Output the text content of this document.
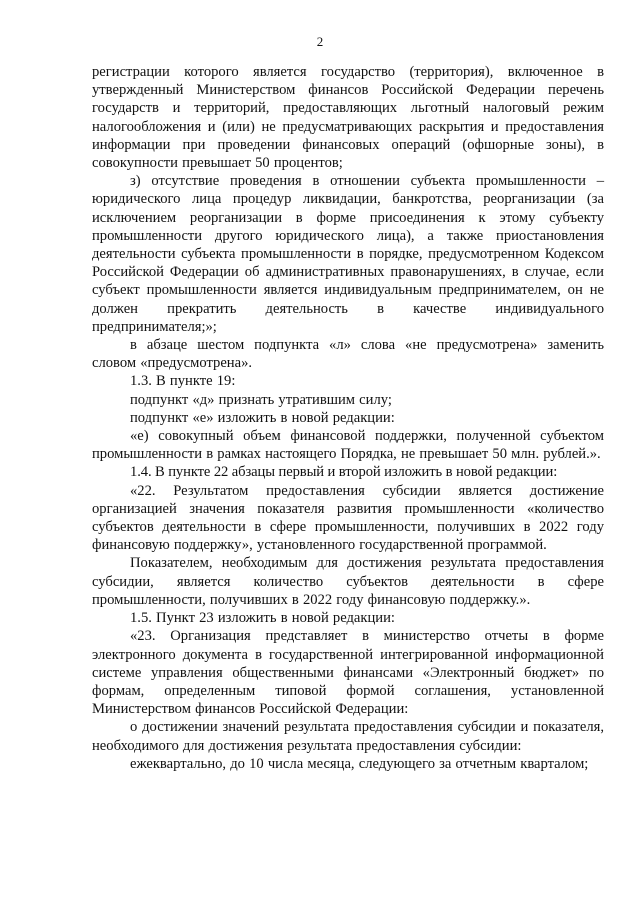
2

регистрации которого является государство (территория), включенное в утвержденный Министерством финансов Российской Федерации перечень государств и территорий, предоставляющих льготный налоговый режим налогообложения и (или) не предусматривающих раскрытия и предоставления информации при проведении финансовых операций (офшорные зоны), в совокупности превышает 50 процентов;

з) отсутствие проведения в отношении субъекта промышленности – юридического лица процедур ликвидации, банкротства, реорганизации (за исключением реорганизации в форме присоединения к этому субъекту промышленности другого юридического лица), а также приостановления деятельности субъекта промышленности в порядке, предусмотренном Кодексом Российской Федерации об административных правонарушениях, в случае, если субъект промышленности является индивидуальным предпринимателем, он не должен прекратить деятельность в качестве индивидуального предпринимателя;»;

в абзаце шестом подпункта «л» слова «не предусмотрена» заменить словом «предусмотрена».

1.3. В пункте 19:

подпункт «д» признать утратившим силу;

подпункт «е» изложить в новой редакции:

«е) совокупный объем финансовой поддержки, полученной субъектом промышленности в рамках настоящего Порядка, не превышает 50 млн. рублей.».

1.4. В пункте 22 абзацы первый и второй изложить в новой редакции:

«22. Результатом предоставления субсидии является достижение организацией значения показателя развития промышленности «количество субъектов деятельности в сфере промышленности, получивших в 2022 году финансовую поддержку», установленного государственной программой.

Показателем, необходимым для достижения результата предоставления субсидии, является количество субъектов деятельности в сфере промышленности, получивших в 2022 году финансовую поддержку.».

1.5. Пункт 23 изложить в новой редакции:

«23. Организация представляет в министерство отчеты в форме электронного документа в государственной интегрированной информационной системе управления общественными финансами «Электронный бюджет» по формам, определенным типовой формой соглашения, установленной Министерством финансов Российской Федерации:

о достижении значений результата предоставления субсидии и показателя, необходимого для достижения результата предоставления субсидии:

ежеквартально, до 10 числа месяца, следующего за отчетным кварталом;
